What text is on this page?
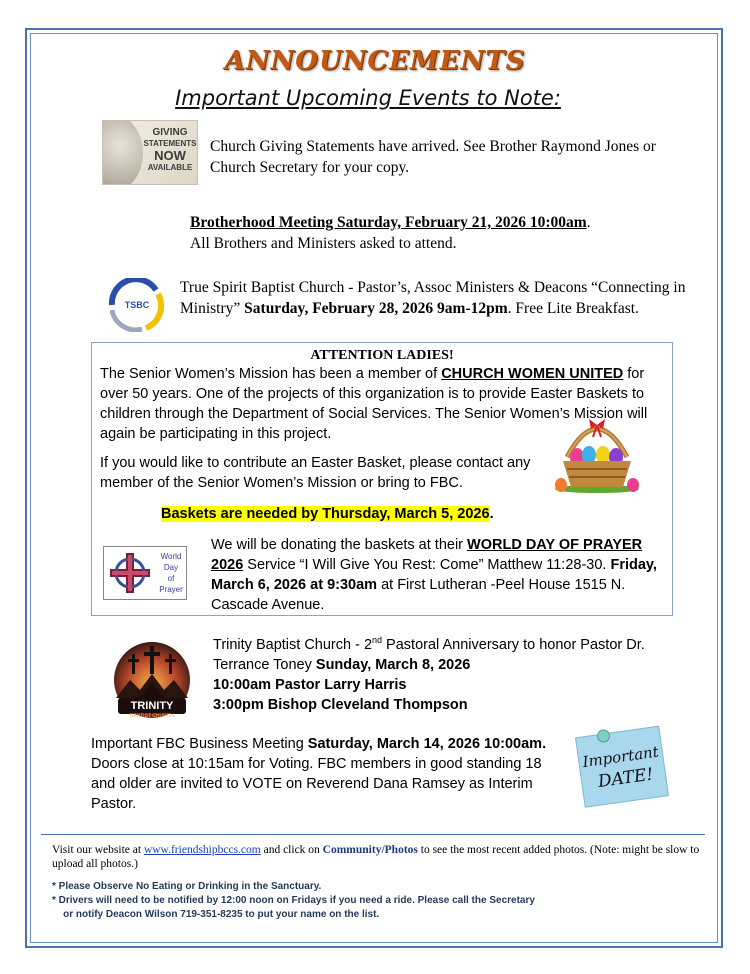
ANNOUNCEMENTS
Important Upcoming Events to Note:
GIVING
STATEMENTS
NOW
AVAILABLE
Church Giving Statements have arrived. See Brother Raymond Jones or Church Secretary for your copy.
Brotherhood Meeting Saturday, February 21, 2026 10:00am.
All Brothers and Ministers asked to attend.
TSBC
True Spirit Baptist Church - Pastor’s, Assoc Ministers & Deacons “Connecting in Ministry” Saturday, February 28, 2026 9am-12pm. Free Lite Breakfast.
ATTENTION LADIES!
The Senior Women’s Mission has been a member of CHURCH WOMEN UNITED for over 50 years. One of the projects of this organization is to provide Easter Baskets to children through the Department of Social Services. The Senior Women’s Mission will again be participating in this project.
If you would like to contribute an Easter Basket, please contact any member of the Senior Women’s Mission or bring to FBC.
Baskets are needed by Thursday, March 5, 2026.
World
Day
of
Prayer
We will be donating the baskets at their WORLD DAY OF PRAYER 2026 Service “I Will Give You Rest: Come” Matthew 11:28-30. Friday, March 6, 2026 at 9:30am at First Lutheran -Peel House 1515 N. Cascade Avenue.
TRINITY
BAPTIST CHURCH
Trinity Baptist Church - 2nd Pastoral Anniversary to honor Pastor Dr. Terrance Toney Sunday, March 8, 2026
10:00am Pastor Larry Harris
3:00pm Bishop Cleveland Thompson
Important FBC Business Meeting Saturday, March 14, 2026 10:00am. Doors close at 10:15am for Voting. FBC members in good standing 18 and older are invited to VOTE on Reverend Dana Ramsey as Interim Pastor.
Important
DATE!
Visit our website at www.friendshipbccs.com and click on Community/Photos to see the most recent added photos. (Note: might be slow to upload all photos.)
* Please Observe No Eating or Drinking in the Sanctuary.
* Drivers will need to be notified by 12:00 noon on Fridays if you need a ride. Please call the Secretary
or notify Deacon Wilson 719-351-8235 to put your name on the list.
